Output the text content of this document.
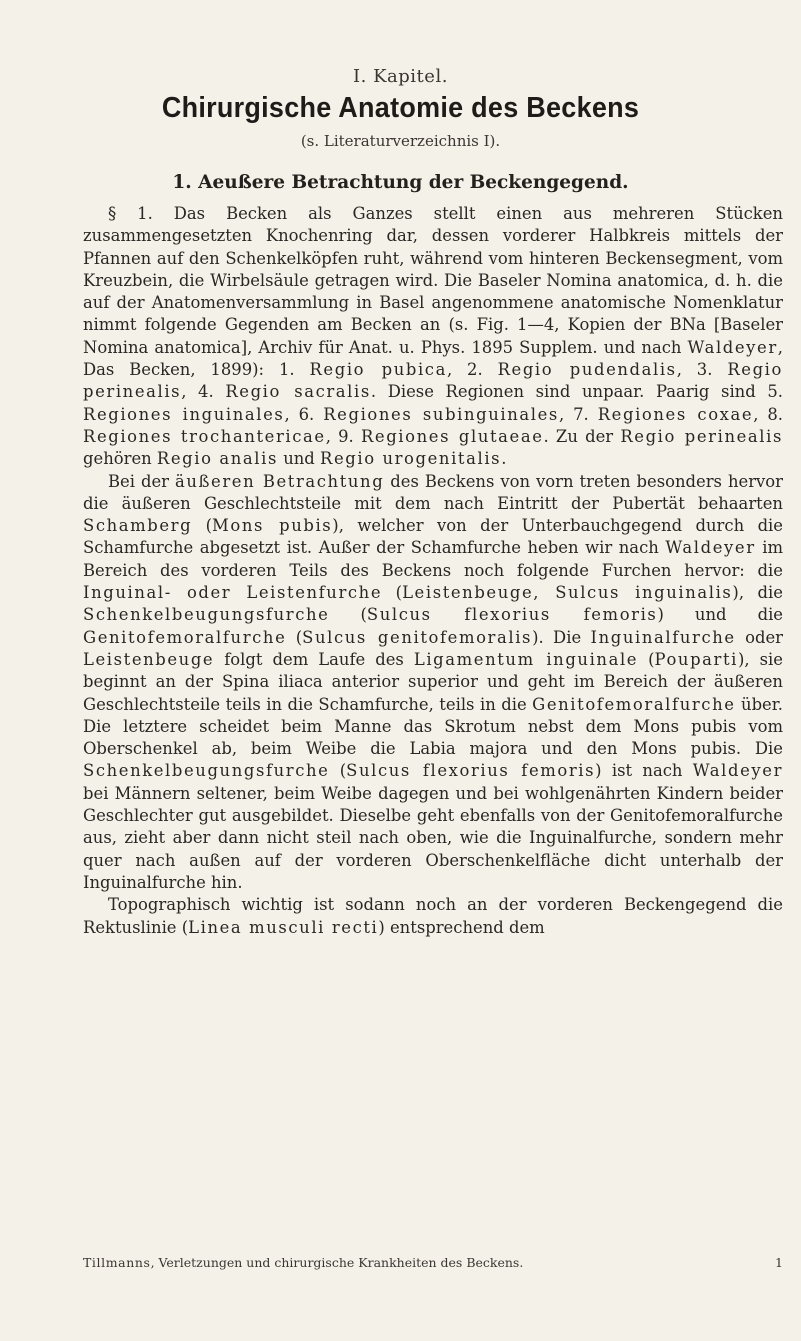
I. Kapitel.
Chirurgische Anatomie des Beckens
(s. Literaturverzeichnis I).
1. Aeußere Betrachtung der Beckengegend.

§ 1. Das Becken als Ganzes stellt einen aus mehreren Stücken zusammengesetzten Knochenring dar, dessen vorderer Halbkreis mittels der Pfannen auf den Schenkelköpfen ruht, während vom hinteren Beckensegment, vom Kreuzbein, die Wirbelsäule getragen wird. Die Baseler Nomina anatomica, d. h. die auf der Anatomenversammlung in Basel angenommene anatomische Nomenklatur nimmt folgende Gegenden am Becken an (s. Fig. 1—4, Kopien der BNa [Baseler Nomina anatomica], Archiv für Anat. u. Phys. 1895 Supplem. und nach Waldeyer, Das Becken, 1899): 1. Regio pubica, 2. Regio pudendalis, 3. Regio perinealis, 4. Regio sacralis. Diese Regionen sind unpaar. Paarig sind 5. Regiones inguinales, 6. Regiones subinguinales, 7. Regiones coxae, 8. Regiones trochantericae, 9. Regiones glutaeae. Zu der Regio perinealis gehören Regio analis und Regio urogenitalis.

Bei der äußeren Betrachtung des Beckens von vorn treten besonders hervor die äußeren Geschlechtsteile mit dem nach Eintritt der Pubertät behaarten Schamberg (Mons pubis), welcher von der Unterbauchgegend durch die Schamfurche abgesetzt ist. Außer der Schamfurche heben wir nach Waldeyer im Bereich des vorderen Teils des Beckens noch folgende Furchen hervor: die Inguinal- oder Leistenfurche (Leistenbeuge, Sulcus inguinalis), die Schenkelbeugungsfurche (Sulcus flexorius femoris) und die Genitofemoralfurche (Sulcus genitofemoralis). Die Inguinalfurche oder Leistenbeuge folgt dem Laufe des Ligamentum inguinale (Pouparti), sie beginnt an der Spina iliaca anterior superior und geht im Bereich der äußeren Geschlechtsteile teils in die Schamfurche, teils in die Genitofemoralfurche über. Die letztere scheidet beim Manne das Skrotum nebst dem Mons pubis vom Oberschenkel ab, beim Weibe die Labia majora und den Mons pubis. Die Schenkelbeugungsfurche (Sulcus flexorius femoris) ist nach Waldeyer bei Männern seltener, beim Weibe dagegen und bei wohlgenährten Kindern beider Geschlechter gut ausgebildet. Dieselbe geht ebenfalls von der Genitofemoralfurche aus, zieht aber dann nicht steil nach oben, wie die Inguinalfurche, sondern mehr quer nach außen auf der vorderen Oberschenkelfläche dicht unterhalb der Inguinalfurche hin.

Topographisch wichtig ist sodann noch an der vorderen Beckengegend die Rektuslinie (Linea musculi recti) entsprechend dem

Tillmanns, Verletzungen und chirurgische Krankheiten des Beckens.	1
